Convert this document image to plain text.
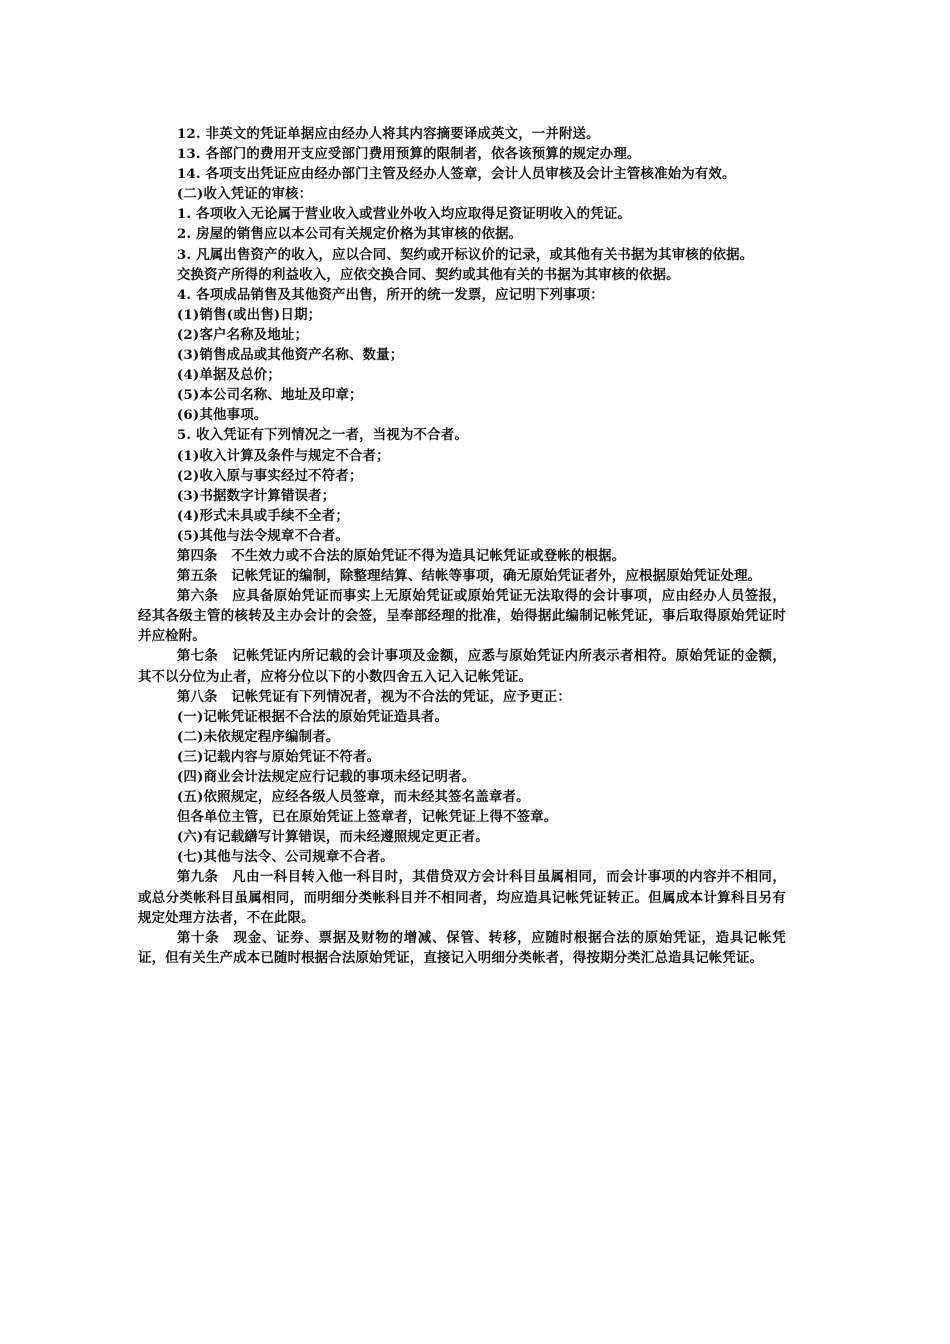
12. 非英文的凭证单据应由经办人将其内容摘要译成英文，一并附送。

13. 各部门的费用开支应受部门费用预算的限制者，依各该预算的规定办理。

14. 各项支出凭证应由经办部门主管及经办人签章，会计人员审核及会计主管核准始为有效。

(二)收入凭证的审核：

1. 各项收入无论属于营业收入或营业外收入均应取得足资证明收入的凭证。

2. 房屋的销售应以本公司有关规定价格为其审核的依据。

3. 凡属出售资产的收入，应以合同、契约或开标议价的记录，或其他有关书据为其审核的依据。

交换资产所得的利益收入，应依交换合同、契约或其他有关的书据为其审核的依据。

4. 各项成品销售及其他资产出售，所开的统一发票，应记明下列事项：

(1)销售(或出售)日期；

(2)客户名称及地址；

(3)销售成品或其他资产名称、数量；

(4)单据及总价；

(5)本公司名称、地址及印章；

(6)其他事项。

5. 收入凭证有下列情况之一者，当视为不合者。

(1)收入计算及条件与规定不合者；

(2)收入原与事实经过不符者；

(3)书据数字计算错误者；

(4)形式未具或手续不全者；

(5)其他与法令规章不合者。

第四条　不生效力或不合法的原始凭证不得为造具记帐凭证或登帐的根据。

第五条　记帐凭证的编制，除整理结算、结帐等事项，确无原始凭证者外，应根据原始凭证处理。

第六条　应具备原始凭证而事实上无原始凭证或原始凭证无法取得的会计事项，应由经办人员签报，经其各级主管的核转及主办会计的会签，呈奉部经理的批准，始得据此编制记帐凭证，事后取得原始凭证时并应检附。

第七条　记帐凭证内所记载的会计事项及金额，应悉与原始凭证内所表示者相符。原始凭证的金额，其不以分位为止者，应将分位以下的小数四舍五入记入记帐凭证。

第八条　记帐凭证有下列情况者，视为不合法的凭证，应予更正：

(一)记帐凭证根据不合法的原始凭证造具者。

(二)未依规定程序编制者。

(三)记载内容与原始凭证不符者。

(四)商业会计法规定应行记载的事项未经记明者。

(五)依照规定，应经各级人员签章，而未经其签名盖章者。

但各单位主管，已在原始凭证上签章者，记帐凭证上得不签章。

(六)有记载繕写计算错误，而未经遵照规定更正者。

(七)其他与法令、公司规章不合者。

第九条　凡由一科目转入他一科目时，其借贷双方会计科目虽属相同，而会计事项的内容并不相同，或总分类帐科目虽属相同，而明细分类帐科目并不相同者，均应造具记帐凭证转正。但属成本计算科目另有规定处理方法者，不在此限。

第十条　现金、证券、票据及财物的增减、保管、转移，应随时根据合法的原始凭证，造具记帐凭证，但有关生产成本已随时根据合法原始凭证，直接记入明细分类帐者，得按期分类汇总造具记帐凭证。
